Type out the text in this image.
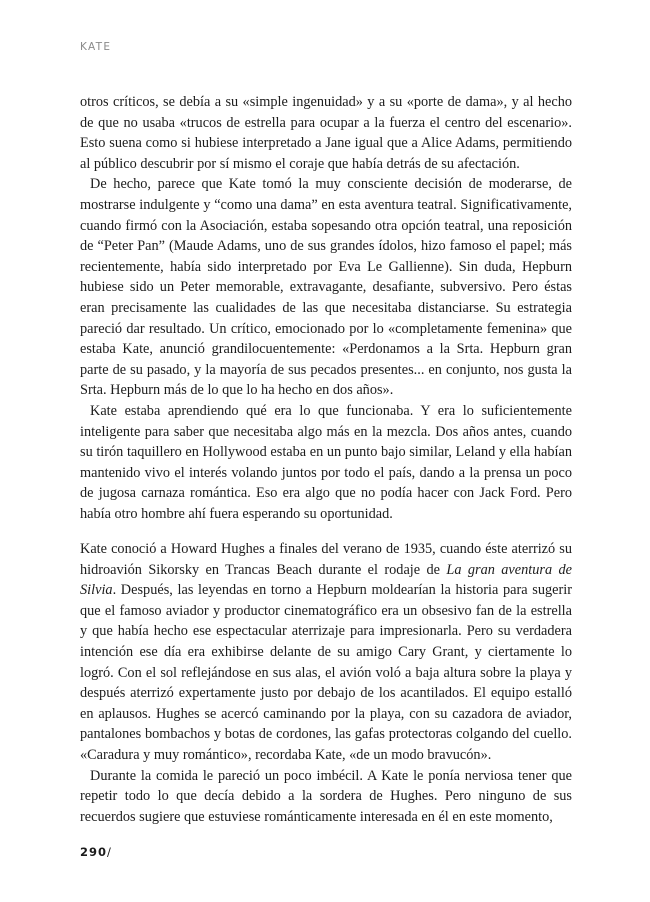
KATE

otros críticos, se debía a su «simple ingenuidad» y a su «porte de dama», y al hecho de que no usaba «trucos de estrella para ocupar a la fuerza el centro del escenario». Esto suena como si hubiese interpretado a Jane igual que a Alice Adams, permitiendo al público descubrir por sí mismo el coraje que había detrás de su afectación.

De hecho, parece que Kate tomó la muy consciente decisión de moderarse, de mostrarse indulgente y “como una dama” en esta aventura teatral. Significativamente, cuando firmó con la Asociación, estaba sopesando otra opción teatral, una reposición de “Peter Pan” (Maude Adams, uno de sus grandes ídolos, hizo famoso el papel; más recientemente, había sido interpretado por Eva Le Gallienne). Sin duda, Hepburn hubiese sido un Peter memorable, extravagante, desafiante, subversivo. Pero éstas eran precisamente las cualidades de las que necesitaba distanciarse. Su estrategia pareció dar resultado. Un crítico, emocionado por lo «completamente femenina» que estaba Kate, anunció grandilocuentemente: «Perdonamos a la Srta. Hepburn gran parte de su pasado, y la mayoría de sus pecados presentes... en conjunto, nos gusta la Srta. Hepburn más de lo que lo ha hecho en dos años».

Kate estaba aprendiendo qué era lo que funcionaba. Y era lo suficientemente inteligente para saber que necesitaba algo más en la mezcla. Dos años antes, cuando su tirón taquillero en Hollywood estaba en un punto bajo similar, Leland y ella habían mantenido vivo el interés volando juntos por todo el país, dando a la prensa un poco de jugosa carnaza romántica. Eso era algo que no podía hacer con Jack Ford. Pero había otro hombre ahí fuera esperando su oportunidad.

Kate conoció a Howard Hughes a finales del verano de 1935, cuando éste aterrizó su hidroavión Sikorsky en Trancas Beach durante el rodaje de La gran aventura de Silvia. Después, las leyendas en torno a Hepburn moldearían la historia para sugerir que el famoso aviador y productor cinematográfico era un obsesivo fan de la estrella y que había hecho ese espectacular aterrizaje para impresionarla. Pero su verdadera intención ese día era exhibirse delante de su amigo Cary Grant, y ciertamente lo logró. Con el sol reflejándose en sus alas, el avión voló a baja altura sobre la playa y después aterrizó expertamente justo por debajo de los acantilados. El equipo estalló en aplausos. Hughes se acercó caminando por la playa, con su cazadora de aviador, pantalones bombachos y botas de cordones, las gafas protectoras colgando del cuello. «Caradura y muy romántico», recordaba Kate, «de un modo bravucón».

Durante la comida le pareció un poco imbécil. A Kate le ponía nerviosa tener que repetir todo lo que decía debido a la sordera de Hughes. Pero ninguno de sus recuerdos sugiere que estuviese románticamente interesada en él en este momento,

290/
